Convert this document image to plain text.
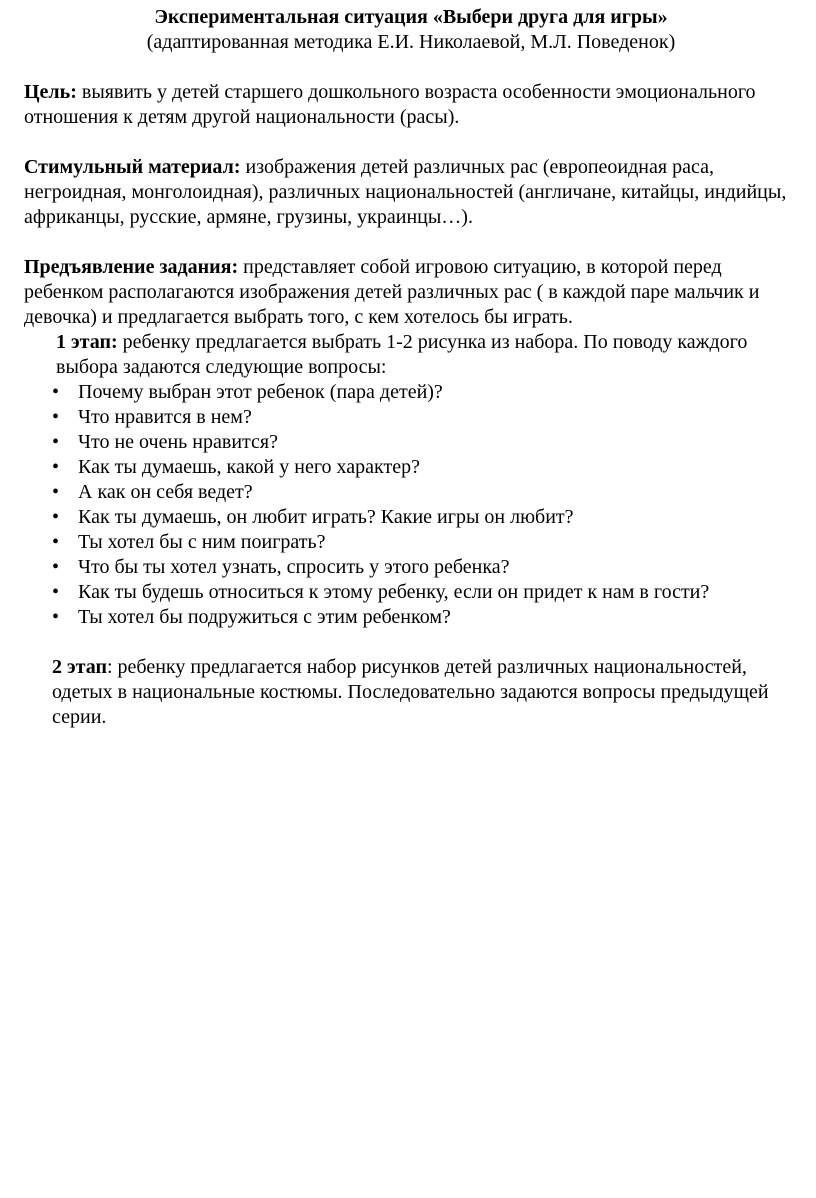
Экспериментальная ситуация «Выбери друга для игры»

(адаптированная методика Е.И. Николаевой, М.Л. Поведенок)

Цель: выявить у детей старшего дошкольного возраста особенности эмоционального отношения к детям другой национальности (расы).

Стимульный материал: изображения детей различных рас (европеоидная раса, негроидная, монголоидная), различных национальностей (англичане, китайцы, индийцы, африканцы, русские, армяне, грузины, украинцы…).

Предъявление задания: представляет собой игровою ситуацию, в которой перед ребенком располагаются изображения детей различных рас ( в каждой паре мальчик и девочка) и предлагается выбрать того, с кем хотелось бы играть.

1 этап: ребенку предлагается выбрать 1-2 рисунка из набора. По поводу каждого выбора задаются следующие вопросы:

• Почему выбран этот ребенок (пара детей)?
• Что нравится в нем?
• Что не очень нравится?
• Как ты думаешь, какой у него характер?
• А как он себя ведет?
• Как ты думаешь, он любит играть? Какие игры он любит?
• Ты хотел бы с ним поиграть?
• Что бы ты хотел узнать, спросить у этого ребенка?
• Как ты будешь относиться к этому ребенку, если он придет к нам в гости?
• Ты хотел бы подружиться с этим ребенком?

2 этап: ребенку предлагается набор рисунков детей различных национальностей, одетых в национальные костюмы. Последовательно задаются вопросы предыдущей серии.
